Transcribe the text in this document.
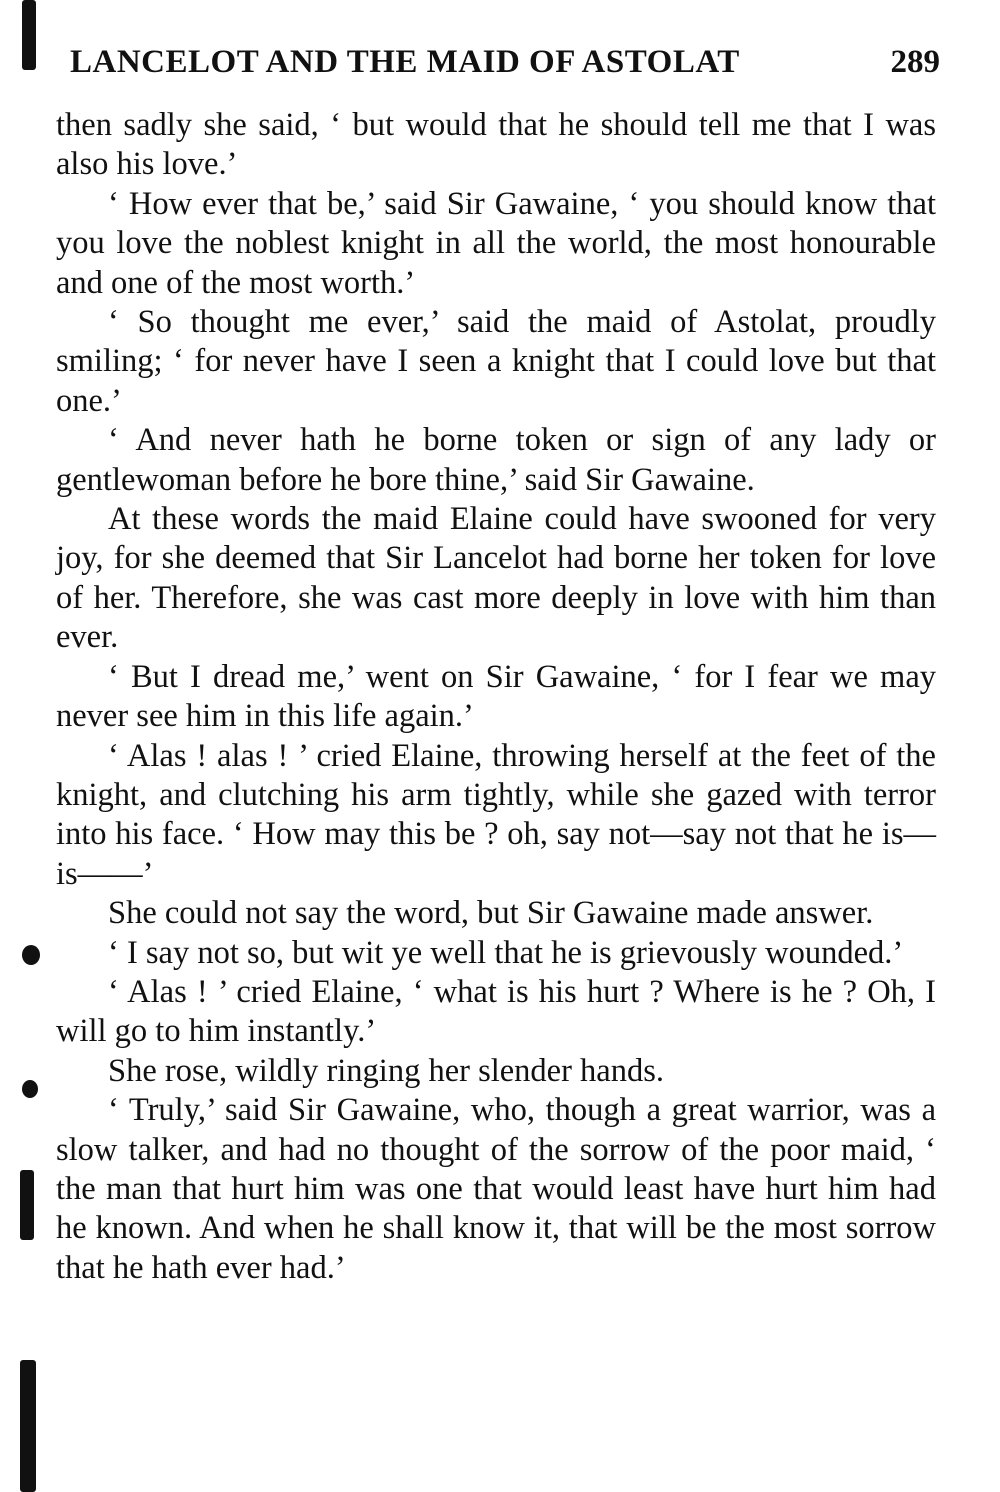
LANCELOT AND THE MAID OF ASTOLAT	289

then sadly she said, ‘ but would that he should tell me that I was also his love.’

‘ How ever that be,’ said Sir Gawaine, ‘ you should know that you love the noblest knight in all the world, the most honourable and one of the most worth.’

‘ So thought me ever,’ said the maid of Astolat, proudly smiling; ‘ for never have I seen a knight that I could love but that one.’

‘ And never hath he borne token or sign of any lady or gentlewoman before he bore thine,’ said Sir Gawaine.

At these words the maid Elaine could have swooned for very joy, for she deemed that Sir Lancelot had borne her token for love of her. Therefore, she was cast more deeply in love with him than ever.

‘ But I dread me,’ went on Sir Gawaine, ‘ for I fear we may never see him in this life again.’

‘ Alas ! alas ! ’ cried Elaine, throwing herself at the feet of the knight, and clutching his arm tightly, while she gazed with terror into his face. ‘ How may this be ? oh, say not—say not that he is—is——’

She could not say the word, but Sir Gawaine made answer.

‘ I say not so, but wit ye well that he is grievously wounded.’

‘ Alas ! ’ cried Elaine, ‘ what is his hurt ? Where is he ? Oh, I will go to him instantly.’

She rose, wildly ringing her slender hands.

‘ Truly,’ said Sir Gawaine, who, though a great warrior, was a slow talker, and had no thought of the sorrow of the poor maid, ‘ the man that hurt him was one that would least have hurt him had he known. And when he shall know it, that will be the most sorrow that he hath ever had.’
